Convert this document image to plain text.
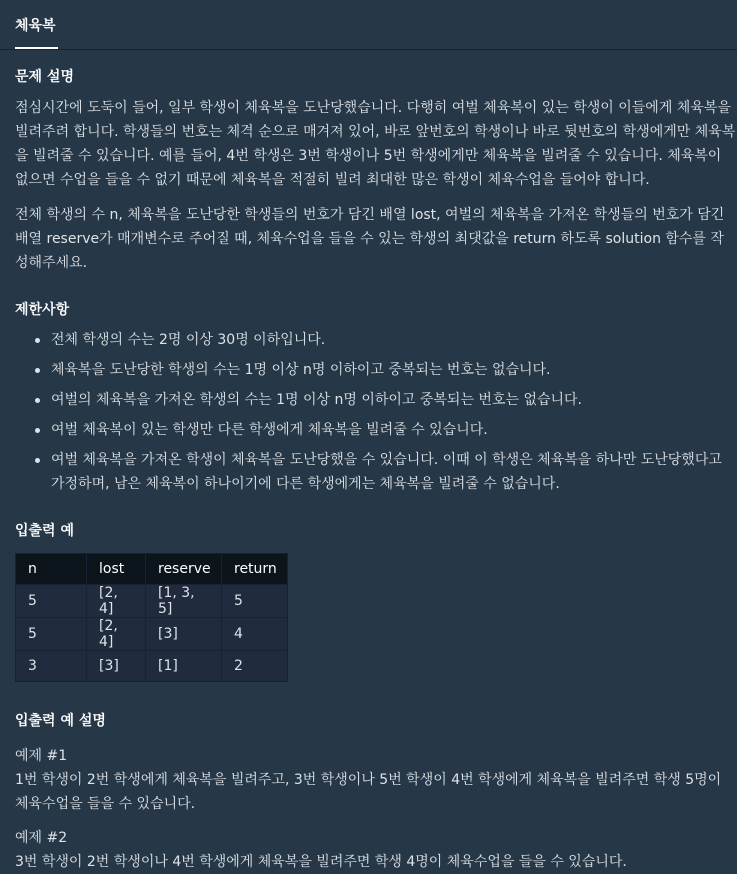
체육복
문제 설명

점심시간에 도둑이 들어, 일부 학생이 체육복을 도난당했습니다. 다행히 여벌 체육복이 있는 학생이 이들에게 체육복을 빌려주려 합니다. 학생들의 번호는 체격 순으로 매겨져 있어, 바로 앞번호의 학생이나 바로 뒷번호의 학생에게만 체육복을 빌려줄 수 있습니다. 예를 들어, 4번 학생은 3번 학생이나 5번 학생에게만 체육복을 빌려줄 수 있습니다. 체육복이 없으면 수업을 들을 수 없기 때문에 체육복을 적절히 빌려 최대한 많은 학생이 체육수업을 들어야 합니다.

전체 학생의 수 n, 체육복을 도난당한 학생들의 번호가 담긴 배열 lost, 여벌의 체육복을 가져온 학생들의 번호가 담긴 배열 reserve가 매개변수로 주어질 때, 체육수업을 들을 수 있는 학생의 최댓값을 return 하도록 solution 함수를 작성해주세요.

제한사항
전체 학생의 수는 2명 이상 30명 이하입니다.
체육복을 도난당한 학생의 수는 1명 이상 n명 이하이고 중복되는 번호는 없습니다.
여벌의 체육복을 가져온 학생의 수는 1명 이상 n명 이하이고 중복되는 번호는 없습니다.
여벌 체육복이 있는 학생만 다른 학생에게 체육복을 빌려줄 수 있습니다.
여벌 체육복을 가져온 학생이 체육복을 도난당했을 수 있습니다. 이때 이 학생은 체육복을 하나만 도난당했다고 가정하며, 남은 체육복이 하나이기에 다른 학생에게는 체육복을 빌려줄 수 없습니다.
입출력 예
n	lost	reserve	return
5	[2, 4]	[1, 3, 5]	5
5	[2, 4]	[3]	4
3	[3]	[1]	2
입출력 예 설명

예제 #1

1번 학생이 2번 학생에게 체육복을 빌려주고, 3번 학생이나 5번 학생이 4번 학생에게 체육복을 빌려주면 학생 5명이 체육수업을 들을 수 있습니다.

예제 #2

3번 학생이 2번 학생이나 4번 학생에게 체육복을 빌려주면 학생 4명이 체육수업을 들을 수 있습니다.
